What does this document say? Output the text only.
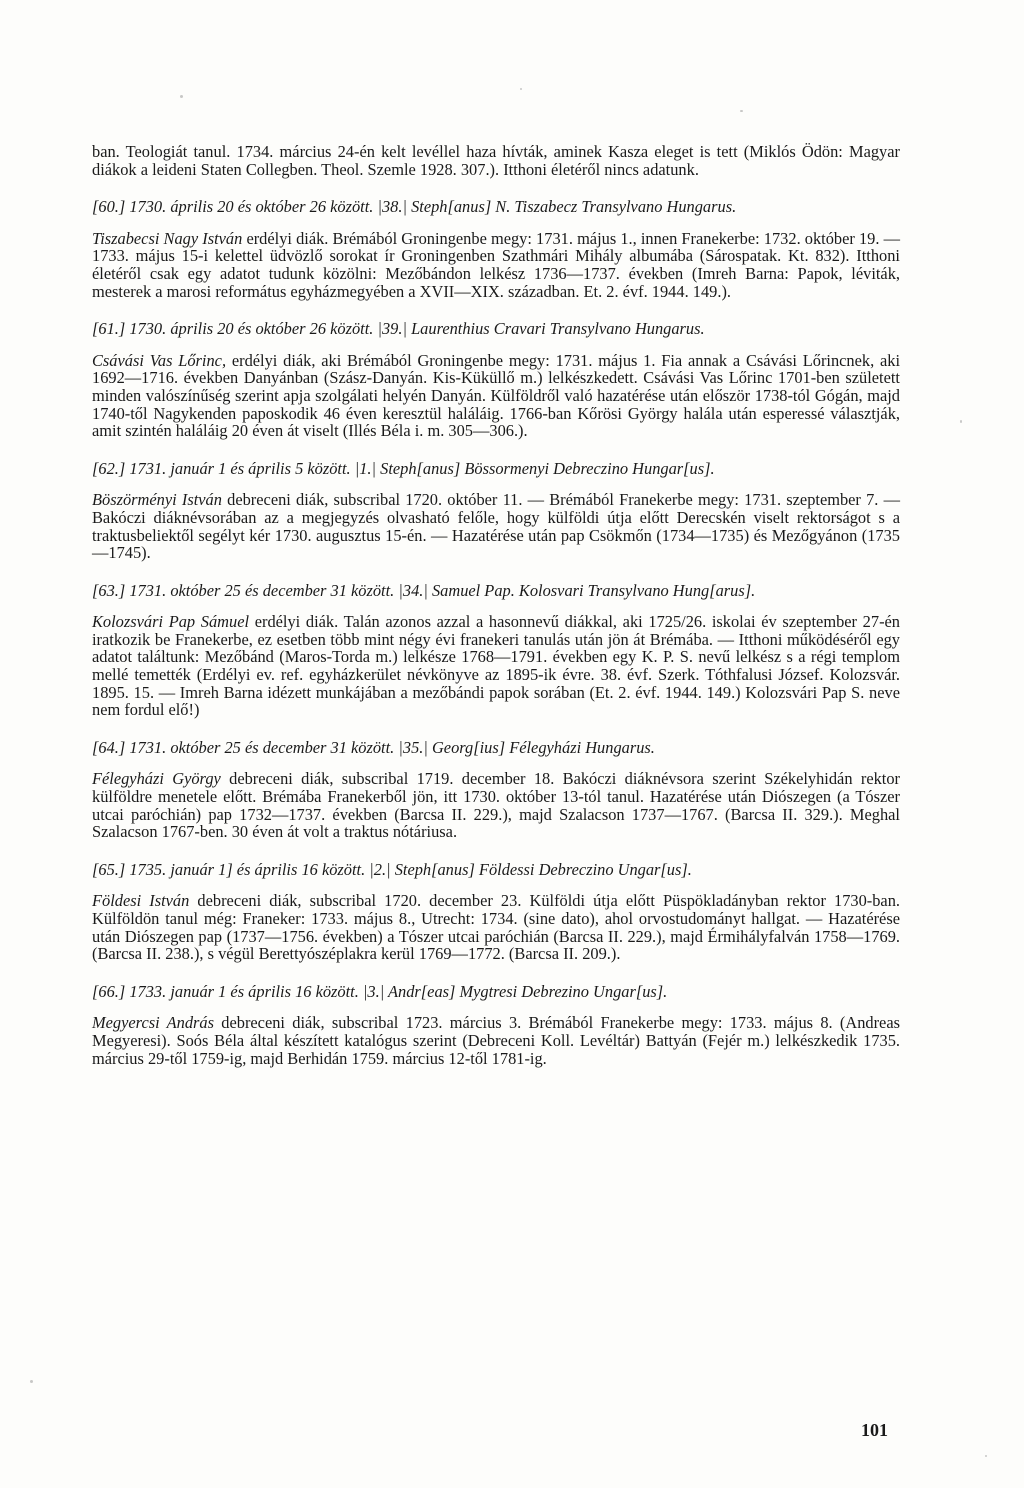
ban. Teologiát tanul. 1734. március 24-én kelt levéllel haza hívták, aminek Kasza eleget is tett (Miklós Ödön: Magyar diákok a leideni Staten Collegben. Theol. Szemle 1928. 307.). Itthoni életéről nincs adatunk.

[60.] 1730. április 20 és október 26 között. |38.| Steph[anus] N. Tiszabecz Transylvano Hungarus.

Tiszabecsi Nagy István erdélyi diák. Brémából Groningenbe megy: 1731. május 1., innen Franekerbe: 1732. október 19. — 1733. május 15-i kelettel üdvözlő sorokat ír Groningenben Szathmári Mihály albumába (Sárospatak. Kt. 832). Itthoni életéről csak egy adatot tudunk közölni: Mezőbándon lelkész 1736—1737. években (Imreh Barna: Papok, léviták, mesterek a marosi református egyházmegyében a XVII—XIX. században. Et. 2. évf. 1944. 149.).

[61.] 1730. április 20 és október 26 között. |39.| Laurenthius Cravari Transylvano Hungarus.

Csávási Vas Lőrinc, erdélyi diák, aki Brémából Groningenbe megy: 1731. május 1. Fia annak a Csávási Lőrincnek, aki 1692—1716. években Danyánban (Szász-Danyán. Kis-Küküllő m.) lelkészkedett. Csávási Vas Lőrinc 1701-ben született minden valószínűség szerint apja szolgálati helyén Danyán. Külföldről való hazatérése után először 1738-tól Gógán, majd 1740-től Nagykenden paposkodik 46 éven keresztül haláláig. 1766-ban Kőrösi György halála után esperessé választják, amit szintén haláláig 20 éven át viselt (Illés Béla i. m. 305—306.).

[62.] 1731. január 1 és április 5 között. |1.| Steph[anus] Bössormenyi Debreczino Hungar[us].

Böszörményi István debreceni diák, subscribal 1720. október 11. — Brémából Franekerbe megy: 1731. szeptember 7. — Bakóczi diáknévsorában az a megjegyzés olvasható felőle, hogy külföldi útja előtt Derecskén viselt rektorságot s a traktusbeliektől segélyt kér 1730. augusztus 15-én. — Hazatérése után pap Csökmőn (1734—1735) és Mezőgyánon (1735—1745).

[63.] 1731. október 25 és december 31 között. |34.| Samuel Pap. Kolosvari Transylvano Hung[arus].

Kolozsvári Pap Sámuel erdélyi diák. Talán azonos azzal a hasonnevű diákkal, aki 1725/26. iskolai év szeptember 27-én iratkozik be Franekerbe, ez esetben több mint négy évi franekeri tanulás után jön át Brémába. — Itthoni működéséről egy adatot találtunk: Mezőbánd (Maros-Torda m.) lelkésze 1768—1791. években egy K. P. S. nevű lelkész s a régi templom mellé temették (Erdélyi ev. ref. egyházkerület névkönyve az 1895-ik évre. 38. évf. Szerk. Tóthfalusi József. Kolozsvár. 1895. 15. — Imreh Barna idézett munkájában a mezőbándi papok sorában (Et. 2. évf. 1944. 149.) Kolozsvári Pap S. neve nem fordul elő!)

[64.] 1731. október 25 és december 31 között. |35.| Georg[ius] Félegyházi Hungarus.

Félegyházi György debreceni diák, subscribal 1719. december 18. Bakóczi diáknévsora szerint Székelyhidán rektor külföldre menetele előtt. Brémába Franekerből jön, itt 1730. október 13-tól tanul. Hazatérése után Diószegen (a Tószer utcai paróchián) pap 1732—1737. években (Barcsa II. 229.), majd Szalacson 1737—1767. (Barcsa II. 329.). Meghal Szalacson 1767-ben. 30 éven át volt a traktus nótáriusa.

[65.] 1735. január 1] és április 16 között. |2.| Steph[anus] Földessi Debreczino Ungar[us].

Földesi István debreceni diák, subscribal 1720. december 23. Külföldi útja előtt Püspökladányban rektor 1730-ban. Külföldön tanul még: Franeker: 1733. május 8., Utrecht: 1734. (sine dato), ahol orvostudományt hallgat. — Hazatérése után Diószegen pap (1737—1756. években) a Tószer utcai paróchián (Barcsa II. 229.), majd Érmihályfalván 1758—1769. (Barcsa II. 238.), s végül Berettyószéplakra kerül 1769—1772. (Barcsa II. 209.).

[66.] 1733. január 1 és április 16 között. |3.| Andr[eas] Mygtresi Debrezino Ungar[us].

Megyercsi András debreceni diák, subscribal 1723. március 3. Brémából Franekerbe megy: 1733. május 8. (Andreas Megyeresi). Soós Béla által készített katalógus szerint (Debreceni Koll. Levéltár) Battyán (Fejér m.) lelkészkedik 1735. március 29-től 1759-ig, majd Berhidán 1759. március 12-től 1781-ig.

101
